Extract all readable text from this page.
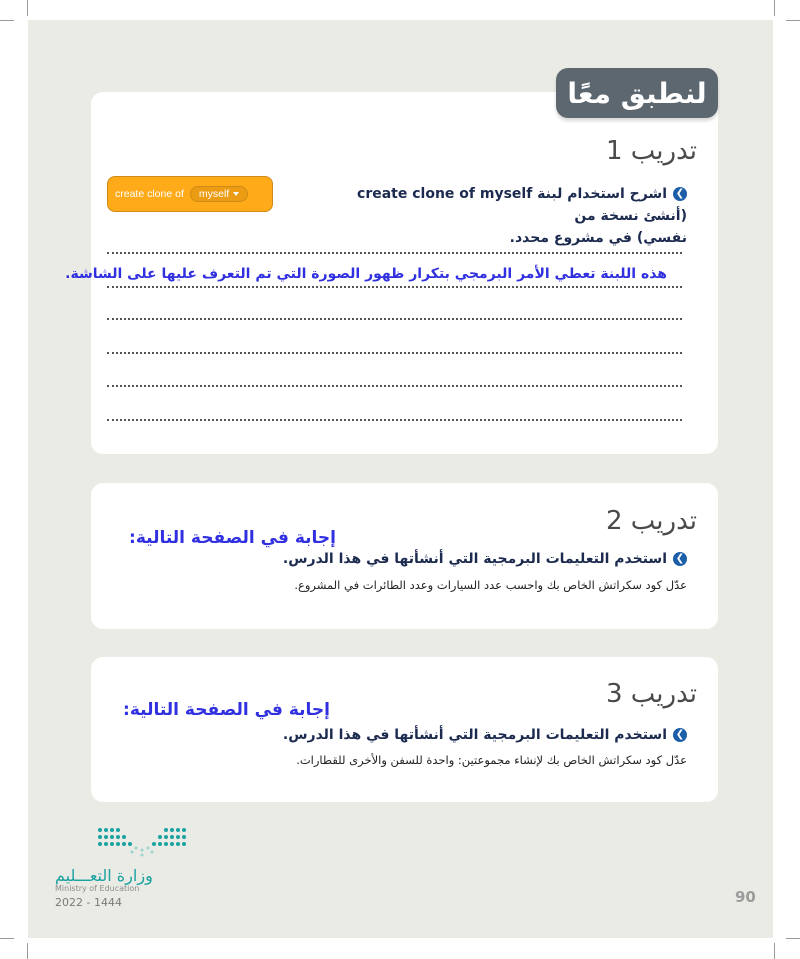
لنطبق معًا
تدريب 1
❯اشرح استخدام لبنة create clone of myself (أنشئ نسخة من
نفسي) في مشروع محدد.
create clone of myself
هذه اللبنة تعطي الأمر البرمجي بتكرار ظهور الصورة التي تم التعرف عليها على الشاشة.
تدريب 2
إجابة في الصفحة التالية:
❯استخدم التعليمات البرمجية التي أنشأتها في هذا الدرس.
عدّل كود سكراتش الخاص بك واحسب عدد السيارات وعدد الطائرات في المشروع.
تدريب 3
إجابة في الصفحة التالية:
❯استخدم التعليمات البرمجية التي أنشأتها في هذا الدرس.
عدّل كود سكراتش الخاص بك لإنشاء مجموعتين: واحدة للسفن والأخرى للقطارات.
وزارة التعـــليم
Ministry of Education
2022 - 1444	90
